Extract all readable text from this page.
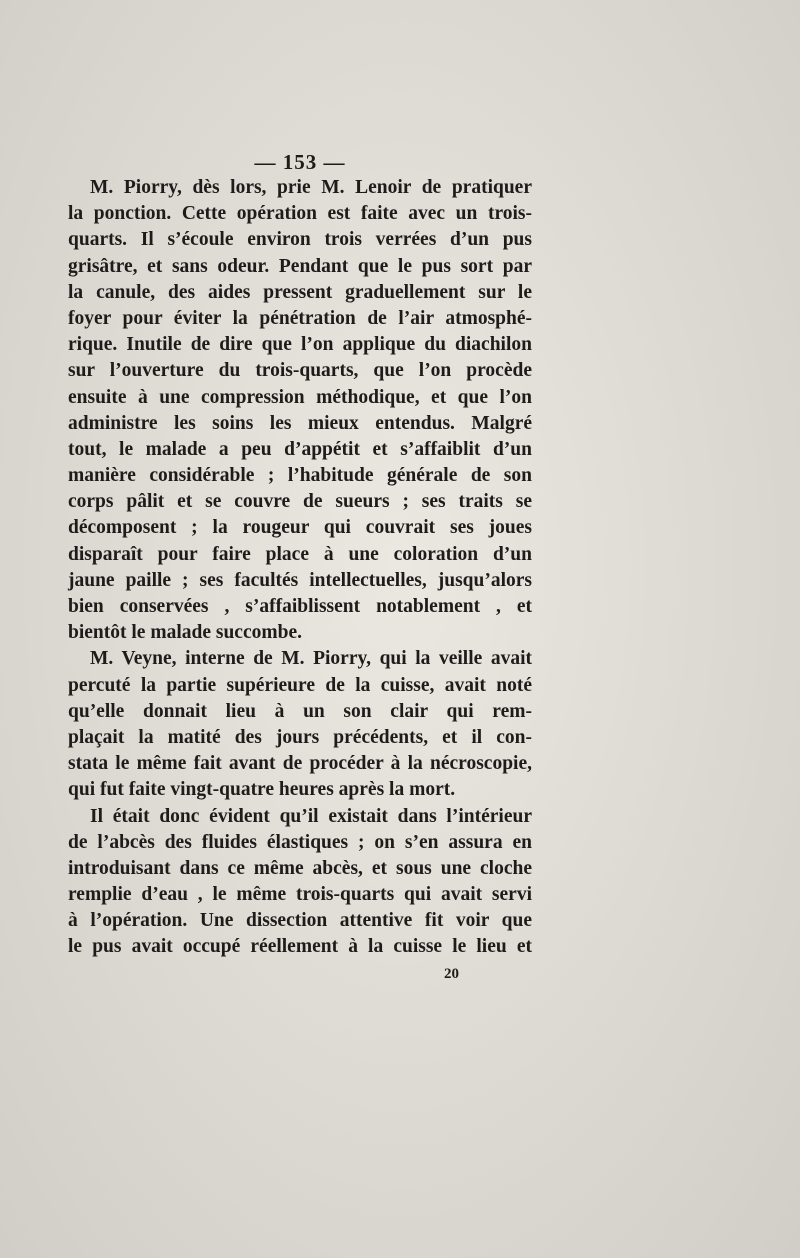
— 153 —
M. Piorry, dès lors, prie M. Lenoir de pratiquer
la ponction. Cette opération est faite avec un trois-
quarts. Il s’écoule environ trois verrées d’un pus
grisâtre, et sans odeur. Pendant que le pus sort par
la canule, des aides pressent graduellement sur le
foyer pour éviter la pénétration de l’air atmosphé-
rique. Inutile de dire que l’on applique du diachilon
sur l’ouverture du trois-quarts, que l’on procède
ensuite à une compression méthodique, et que l’on
administre les soins les mieux entendus. Malgré
tout, le malade a peu d’appétit et s’affaiblit d’un
manière considérable ; l’habitude générale de son
corps pâlit et se couvre de sueurs ; ses traits se
décomposent ; la rougeur qui couvrait ses joues
disparaît pour faire place à une coloration d’un
jaune paille ; ses facultés intellectuelles, jusqu’alors
bien conservées , s’affaiblissent notablement , et
bientôt le malade succombe.
M. Veyne, interne de M. Piorry, qui la veille avait
percuté la partie supérieure de la cuisse, avait noté
qu’elle donnait lieu à un son clair qui rem-
plaçait la matité des jours précédents, et il con-
stata le même fait avant de procéder à la nécroscopie,
qui fut faite vingt-quatre heures après la mort.
Il était donc évident qu’il existait dans l’intérieur
de l’abcès des fluides élastiques ; on s’en assura en
introduisant dans ce même abcès, et sous une cloche
remplie d’eau , le même trois-quarts qui avait servi
à l’opération. Une dissection attentive fit voir que
le pus avait occupé réellement à la cuisse le lieu et
20
